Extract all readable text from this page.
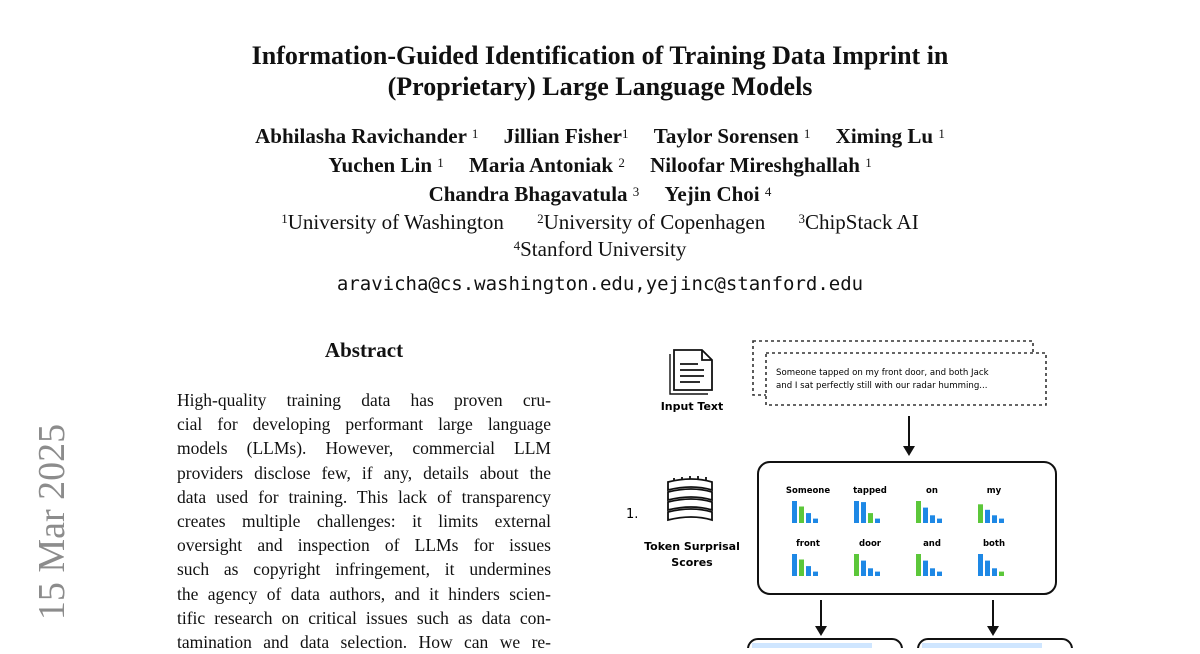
Information-Guided Identification of Training Data Imprint in
(Proprietary) Large Language Models
Abhilasha Ravichander $^1$ Jillian Fisher$^1$ Taylor Sorensen $^1$ Ximing Lu $^1$
Yuchen Lin $^1$ Maria Antoniak $^2$ Niloofar Mireshghallah $^1$
Chandra Bhagavatula $^3$ Yejin Choi $^4$
$^1$University of Washington	$^2$University of Copenhagen	$^3$ChipStack AI
$^4$Stanford University
aravicha@cs.washington.edu,yejinc@stanford.edu
15 Mar 2025
Abstract
High-quality training data has proven cru-
cial for developing performant large language
models (LLMs). However, commercial LLM
providers disclose few, if any, details about the
data used for training. This lack of transparency
creates multiple challenges: it limits external
oversight and inspection of LLMs for issues
such as copyright infringement, it undermines
the agency of data authors, and it hinders scien-
tific research on critical issues such as data con-
tamination and data selection. How can we re-
Input Text
Someone tapped on my front door, and both Jack
and I sat perfectly still with our radar humming...
1.
Token Surprisal
Scores
Someone	tapped	on	my
front	door	and	both
